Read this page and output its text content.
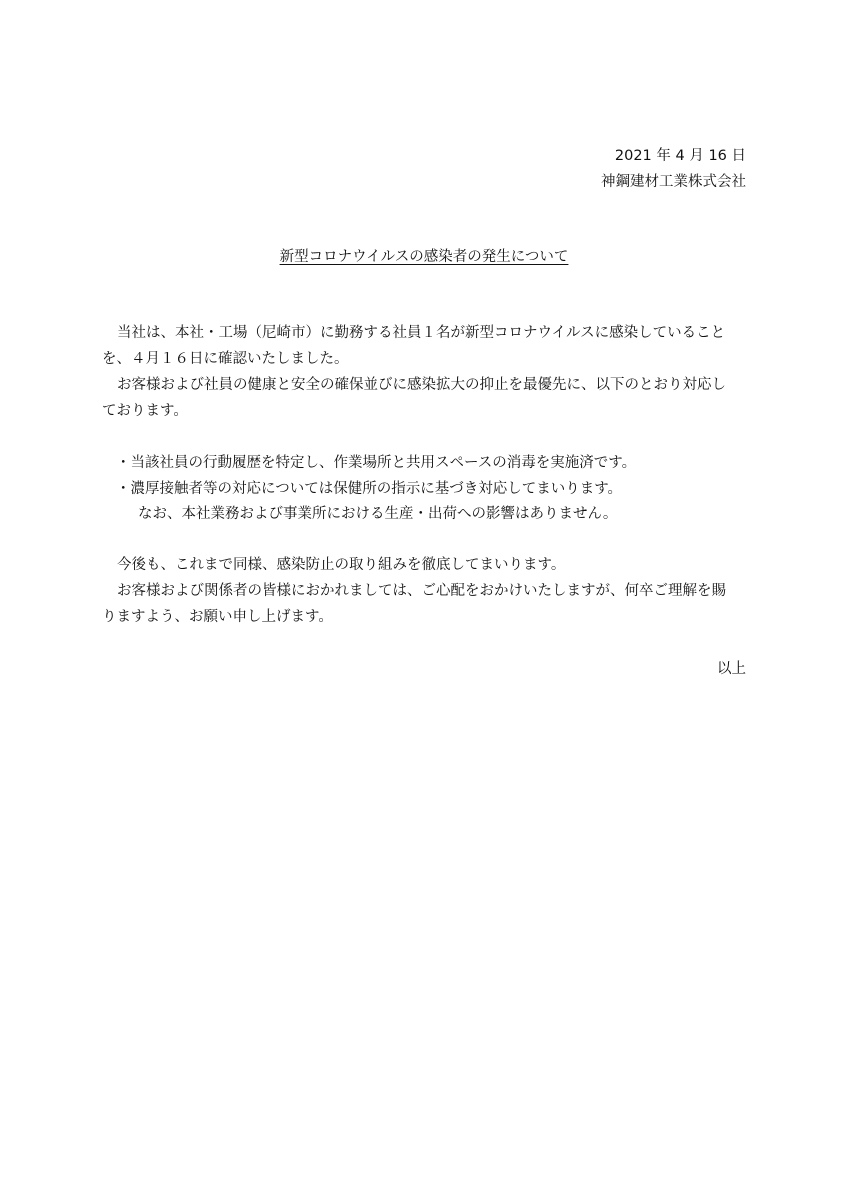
2021 年 4 月 16 日
神鋼建材工業株式会社
新型コロナウイルスの感染者の発生について
当社は、本社・工場（尼崎市）に勤務する社員１名が新型コロナウイルスに感染していること
を、４月１６日に確認いたしました。
お客様および社員の健康と安全の確保並びに感染拡大の抑止を最優先に、以下のとおり対応し
ております。
・当該社員の行動履歴を特定し、作業場所と共用スペースの消毒を実施済です。
・濃厚接触者等の対応については保健所の指示に基づき対応してまいります。
なお、本社業務および事業所における生産・出荷への影響はありません。
今後も、これまで同様、感染防止の取り組みを徹底してまいります。
お客様および関係者の皆様におかれましては、ご心配をおかけいたしますが、何卒ご理解を賜
りますよう、お願い申し上げます。
以上
